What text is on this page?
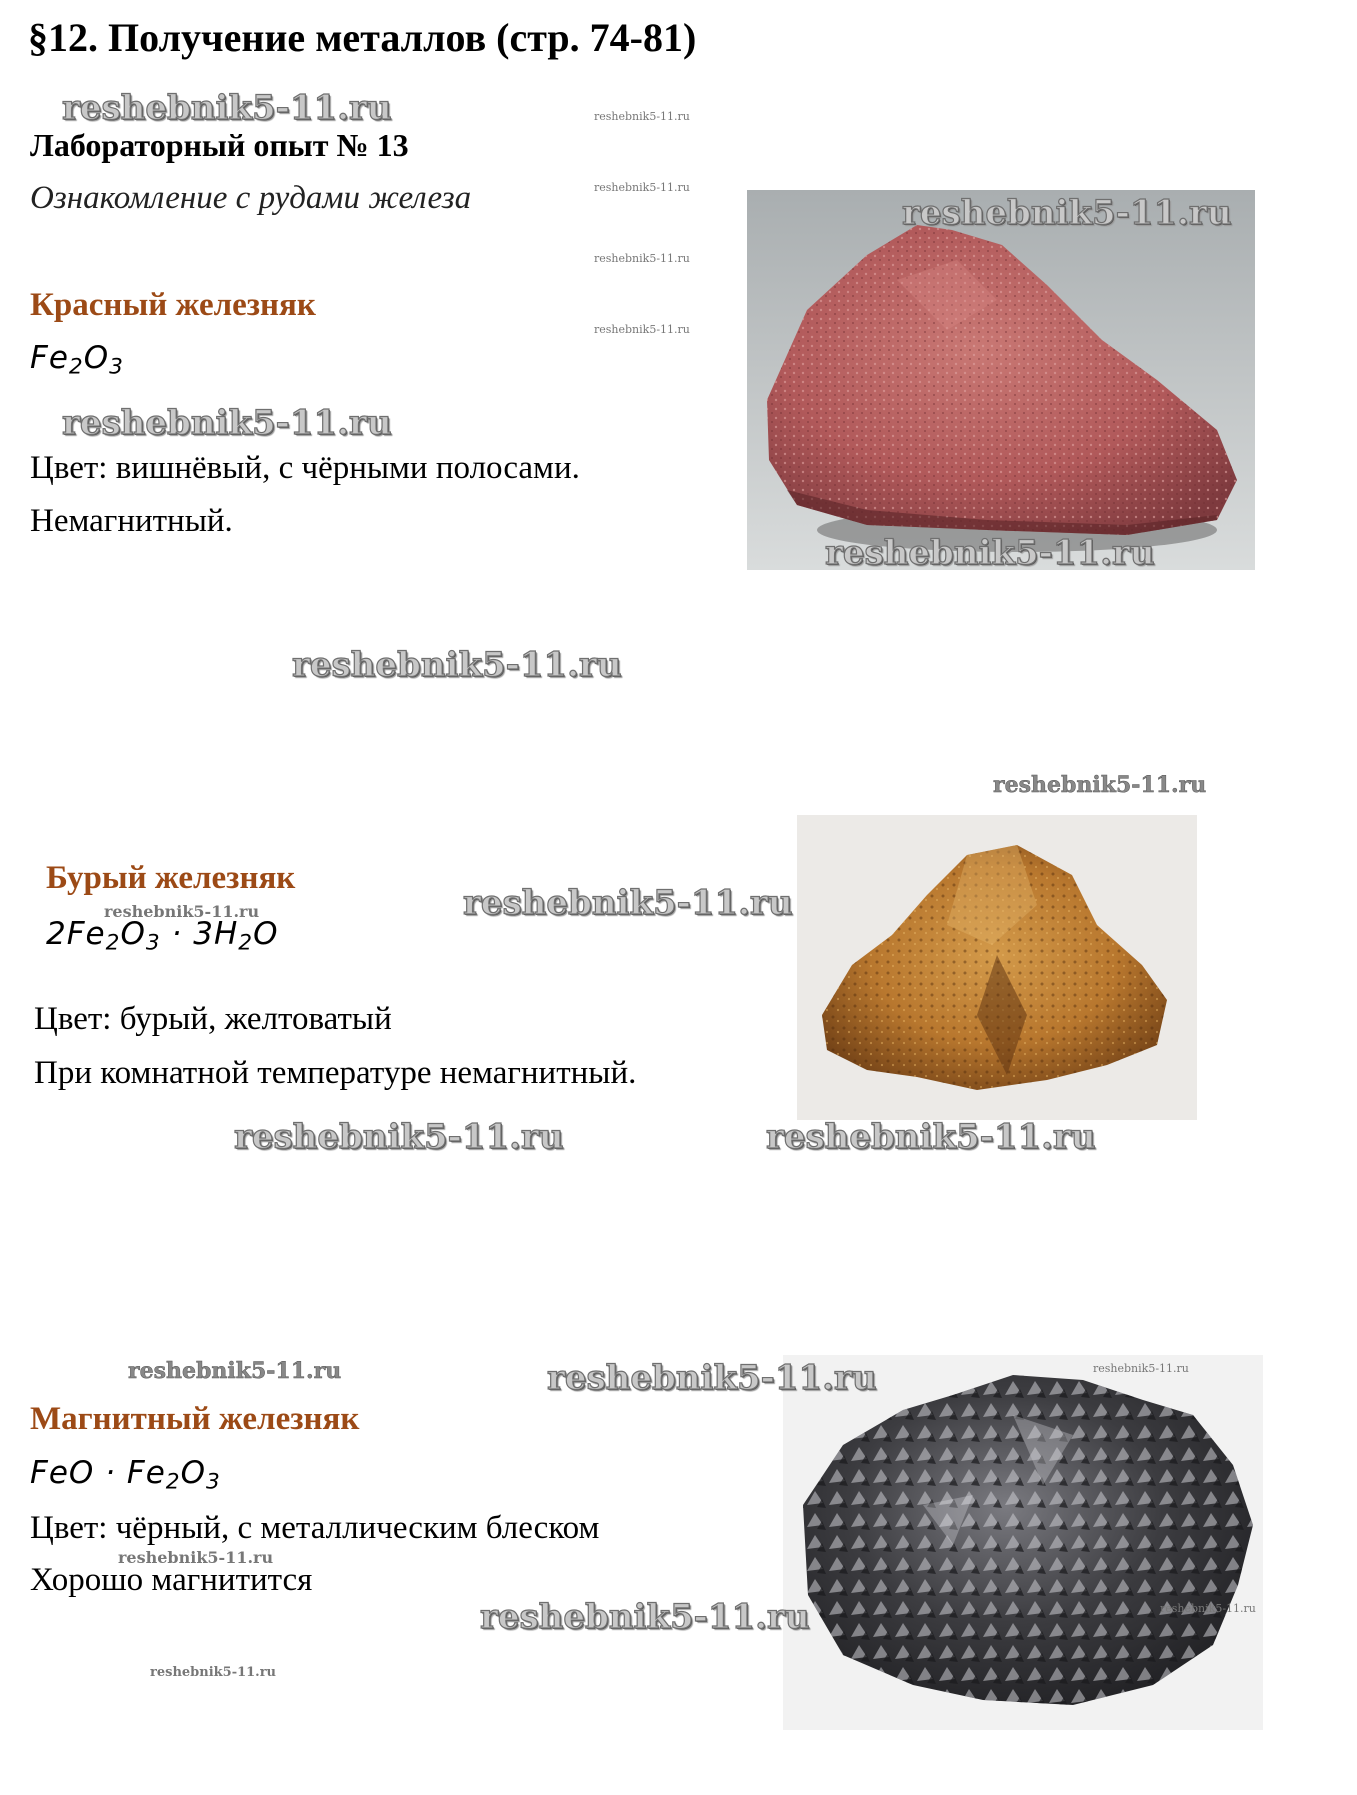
§12. Получение металлов (стр. 74-81)
Лабораторный опыт № 13
Ознакомление с рудами железа
Красный железняк
$Fe_2O_3$
Цвет: вишнёвый, с чёрными полосами.
Немагнитный.
Бурый железняк
$2Fe_2O_3 \cdot 3H_2O$
Цвет: бурый, желтоватый
При комнатной температуре немагнитный.
Магнитный железняк
FeO · $Fe_2O_3$
Цвет: чёрный, с металлическим блеском
Хорошо магнитится
reshebnik5-11.ru
reshebnik5-11.ru
reshebnik5-11.ru
reshebnik5-11.ru
reshebnik5-11.ru
reshebnik5-11.ru
reshebnik5-11.ru	reshebnik5-11.ru
reshebnik5-11.ru
reshebnik5-11.ru
reshebnik5-11.ru
reshebnik5-11.ru
reshebnik5-11.ru
reshebnik5-11.ru
reshebnik5-11.ru
reshebnik5-11.ru
reshebnik5-11.ru
reshebnik5-11.ru
reshebnik5-11.ru
reshebnik5-11.ru
reshebnik5-11.ru
